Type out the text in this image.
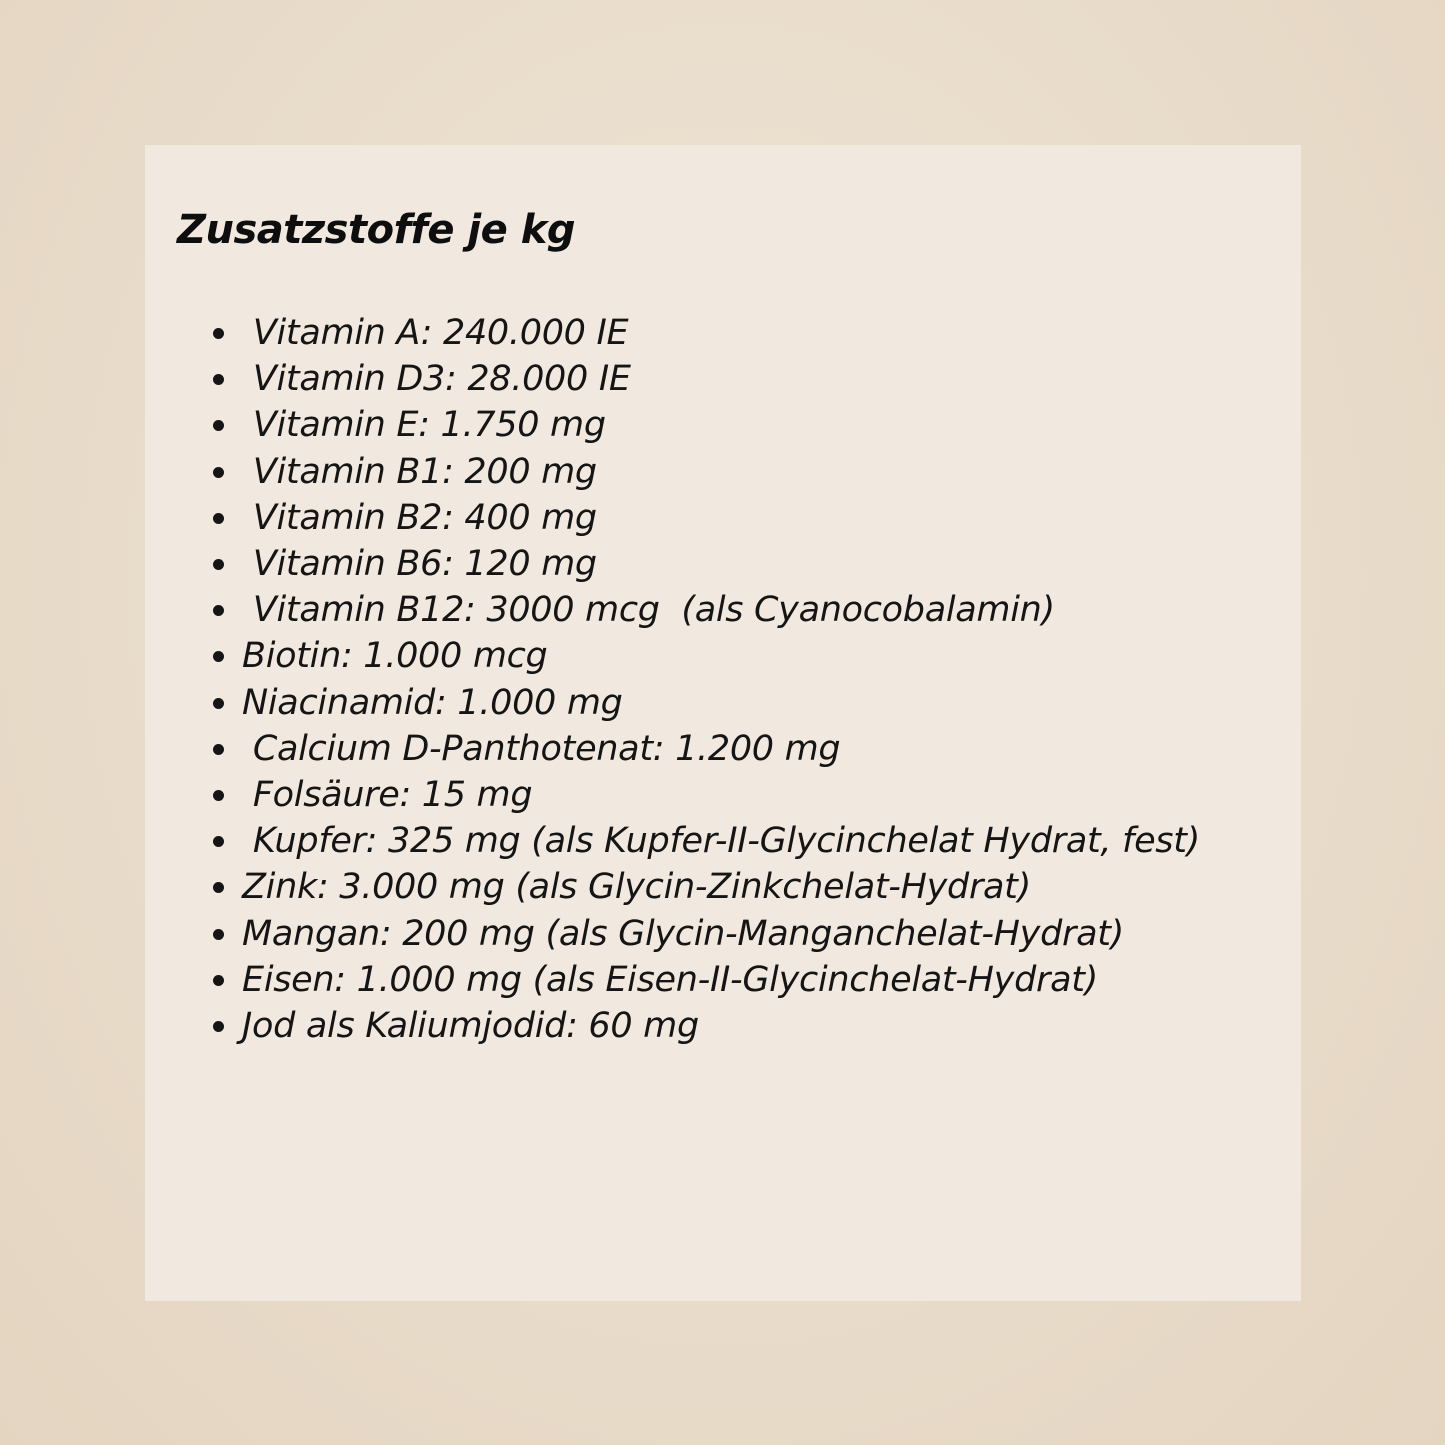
Zusatzstoffe je kg
Vitamin A: 240.000 IE
Vitamin D3: 28.000 IE
Vitamin E: 1.750 mg
Vitamin B1: 200 mg
Vitamin B2: 400 mg
Vitamin B6: 120 mg
Vitamin B12: 3000 mcg  (als Cyanocobalamin)
Biotin: 1.000 mcg
Niacinamid: 1.000 mg
Calcium D-Panthotenat: 1.200 mg
Folsäure: 15 mg
Kupfer: 325 mg (als Kupfer-II-Glycinchelat Hydrat, fest)
Zink: 3.000 mg (als Glycin-Zinkchelat-Hydrat)
Mangan: 200 mg (als Glycin-Manganchelat-Hydrat)
Eisen: 1.000 mg (als Eisen-II-Glycinchelat-Hydrat)
Jod als Kaliumjodid: 60 mg
